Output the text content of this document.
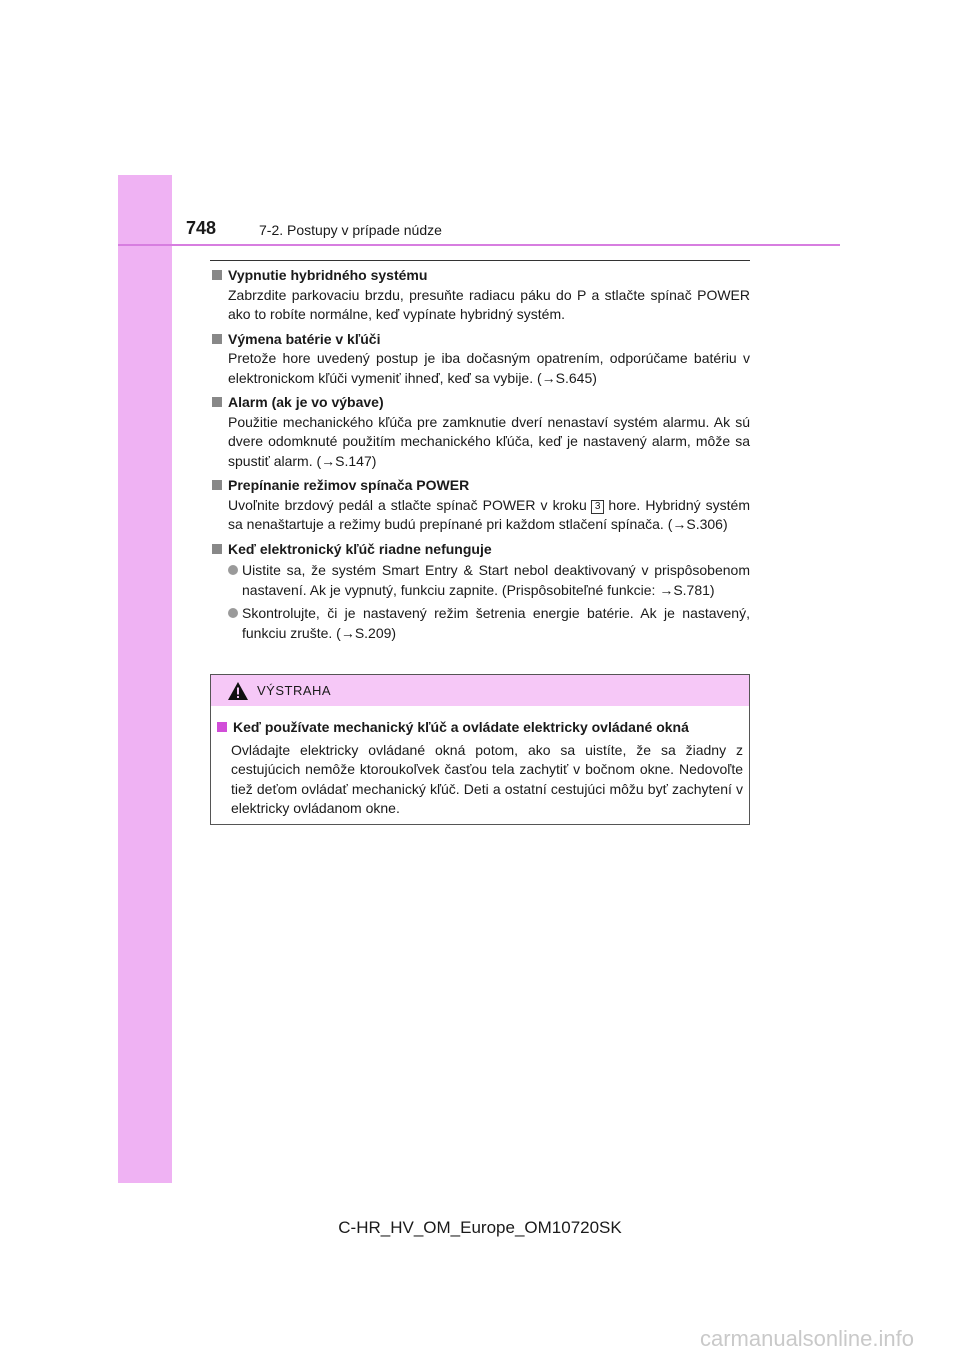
748	7-2. Postupy v prípade núdze
Vypnutie hybridného systému
Zabrzdite parkovaciu brzdu, presuňte radiacu páku do P a stlačte spínač POWER ako to robíte normálne, keď vypínate hybridný systém.
Výmena batérie v kľúči
Pretože hore uvedený postup je iba dočasným opatrením, odporúčame batériu v elektronickom kľúči vymeniť ihneď, keď sa vybije. (→S.645)
Alarm (ak je vo výbave)
Použitie mechanického kľúča pre zamknutie dverí nenastaví systém alarmu. Ak sú dvere odomknuté použitím mechanického kľúča, keď je nastavený alarm, môže sa spustiť alarm. (→S.147)
Prepínanie režimov spínača POWER
Uvoľnite brzdový pedál a stlačte spínač POWER v kroku 3 hore. Hybridný systém sa nenaštartuje a režimy budú prepínané pri každom stlačení spínača. (→S.306)
Keď elektronický kľúč riadne nefunguje
Uistite sa, že systém Smart Entry & Start nebol deaktivovaný v prispôsobenom nastavení. Ak je vypnutý, funkciu zapnite. (Prispôsobiteľné funkcie: →S.781)
Skontrolujte, či je nastavený režim šetrenia energie batérie. Ak je nastavený, funkciu zrušte. (→S.209)
VÝSTRAHA
Keď používate mechanický kľúč a ovládate elektricky ovládané okná
Ovládajte elektricky ovládané okná potom, ako sa uistíte, že sa žiadny z cestujúcich nemôže ktoroukoľvek časťou tela zachytiť v bočnom okne. Nedovoľte tiež deťom ovládať mechanický kľúč. Deti a ostatní cestujúci môžu byť zachytení v elektricky ovládanom okne.
C-HR_HV_OM_Europe_OM10720SK
carmanualsonline.info
